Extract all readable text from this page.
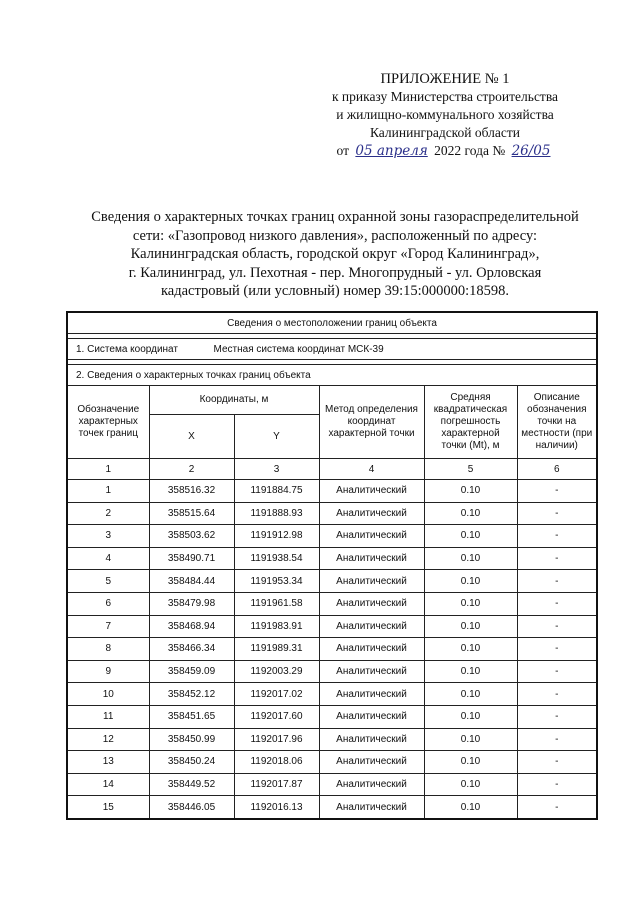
ПРИЛОЖЕНИЕ № 1
к приказу Министерства строительства
и жилищно-коммунального хозяйства
Калининградской области
от 05 апреля 2022 года № 26/05
Сведения о характерных точках границ охранной зоны газораспределительной
сети: «Газопровод низкого давления», расположенный по адресу:
Калининградская область, городской округ «Город Калининград»,
г. Калининград, ул. Пехотная - пер. Многопрудный - ул. Орловская
кадастровый (или условный) номер 39:15:000000:18598.
Сведения о местоположении границ объекта					

1. Система координат Местная система координат МСК-39					

2. Сведения о характерных точках границ объекта					
Обозначение характерных точек границ	Координаты, м		Метод определения координат характерной точки	Средняя квадратическая погрешность характерной точки (Mt), м	Описание обозначения точки на местности (при наличии)
	X	Y			
1	2	3	4	5	6
1	358516.32	1191884.75	Аналитический	0.10	-
2	358515.64	1191888.93	Аналитический	0.10	-
3	358503.62	1191912.98	Аналитический	0.10	-
4	358490.71	1191938.54	Аналитический	0.10	-
5	358484.44	1191953.34	Аналитический	0.10	-
6	358479.98	1191961.58	Аналитический	0.10	-
7	358468.94	1191983.91	Аналитический	0.10	-
8	358466.34	1191989.31	Аналитический	0.10	-
9	358459.09	1192003.29	Аналитический	0.10	-
10	358452.12	1192017.02	Аналитический	0.10	-
11	358451.65	1192017.60	Аналитический	0.10	-
12	358450.99	1192017.96	Аналитический	0.10	-
13	358450.24	1192018.06	Аналитический	0.10	-
14	358449.52	1192017.87	Аналитический	0.10	-
15	358446.05	1192016.13	Аналитический	0.10	-
